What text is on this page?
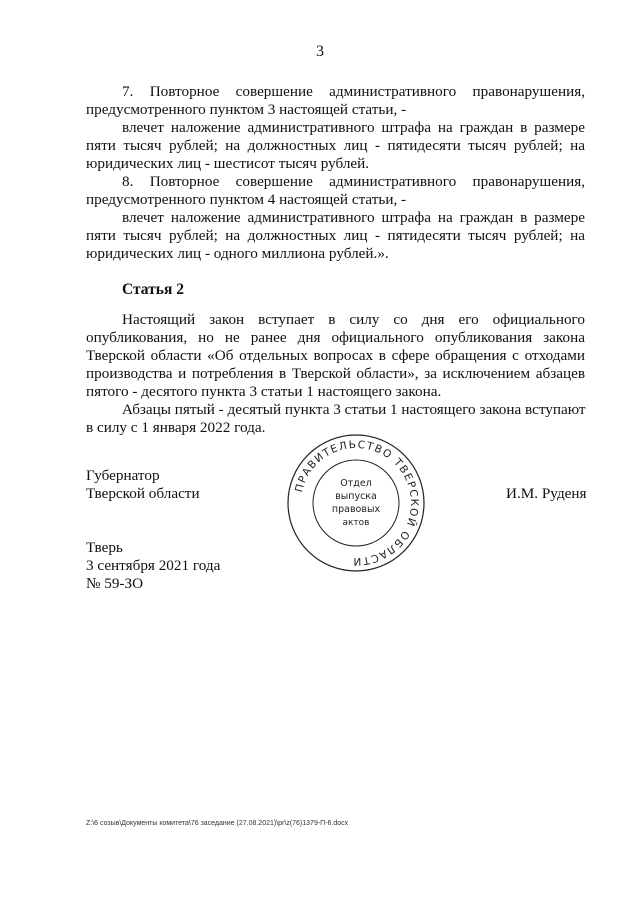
3
7. Повторное совершение административного правонарушения,
предусмотренного пунктом 3 настоящей статьи, -
влечет наложение административного штрафа на граждан в размере
пяти тысяч рублей; на должностных лиц - пятидесяти тысяч рублей; на
юридических лиц - шестисот тысяч рублей.
8. Повторное совершение административного правонарушения,
предусмотренного пунктом 4 настоящей статьи, -
влечет наложение административного штрафа на граждан в размере
пяти тысяч рублей; на должностных лиц - пятидесяти тысяч рублей; на
юридических лиц - одного миллиона рублей.».
Статья 2
Настоящий закон вступает в силу со дня его официального
опубликования, но не ранее дня официального опубликования закона
Тверской области «Об отдельных вопросах в сфере обращения с отходами
производства и потребления в Тверской области», за исключением абзацев
пятого - десятого пункта 3 статьи 1 настоящего закона.
Абзацы пятый - десятый пункта 3 статьи 1 настоящего закона вступают
в силу с 1 января 2022 года.
Губернатор
Тверской области	И.М. Руденя
ПРАВИТЕЛЬСТВО ТВЕРСКОЙ ОБЛАСТИ
Отдел
выпуска
правовых
актов
Тверь
3 сентября 2021 года
№ 59-ЗО
Z:\6 созыв\Документы комитета\76 заседание (27.08.2021)\pr\z(76)1379-П-6.docx
